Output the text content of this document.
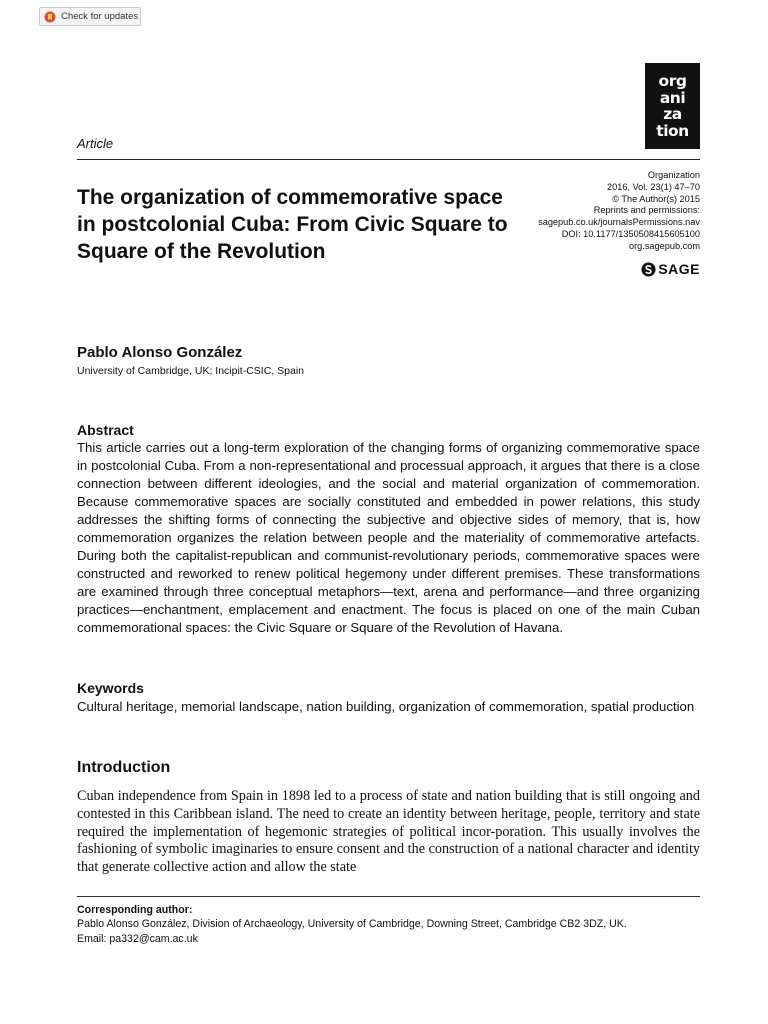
Check for updates
org
ani
za
tion
Article
Organization
2016, Vol. 23(1) 47–70
© The Author(s) 2015
Reprints and permissions:
sagepub.co.uk/journalsPermissions.nav
DOI: 10.1177/1350508415605100
org.sagepub.com
SAGE
The organization of commemorative space in postcolonial Cuba: From Civic Square to Square of the Revolution
Pablo Alonso González
University of Cambridge, UK; Incipit-CSIC, Spain
Abstract

This article carries out a long-term exploration of the changing forms of organizing commemorative space in postcolonial Cuba. From a non-representational and processual approach, it argues that there is a close connection between different ideologies, and the social and material organization of commemoration. Because commemorative spaces are socially constituted and embedded in power relations, this study addresses the shifting forms of connecting the subjective and objective sides of memory, that is, how commemoration organizes the relation between people and the materiality of commemorative artefacts. During both the capitalist-republican and communist-revolutionary periods, commemorative spaces were constructed and reworked to renew political hegemony under different premises. These transformations are examined through three conceptual metaphors—text, arena and performance—and three organizing practices—enchantment, emplacement and enactment. The focus is placed on one of the main Cuban commemorational spaces: the Civic Square or Square of the Revolution of Havana.

Keywords

Cultural heritage, memorial landscape, nation building, organization of commemoration, spatial production

Introduction

Cuban independence from Spain in 1898 led to a process of state and nation building that is still ongoing and contested in this Caribbean island. The need to create an identity between heritage, people, territory and state required the implementation of hegemonic strategies of political incor-poration. This usually involves the fashioning of symbolic imaginaries to ensure consent and the construction of a national character and identity that generate collective action and allow the state

Corresponding author:
Pablo Alonso González, Division of Archaeology, University of Cambridge, Downing Street, Cambridge CB2 3DZ, UK.
Email: pa332@cam.ac.uk
